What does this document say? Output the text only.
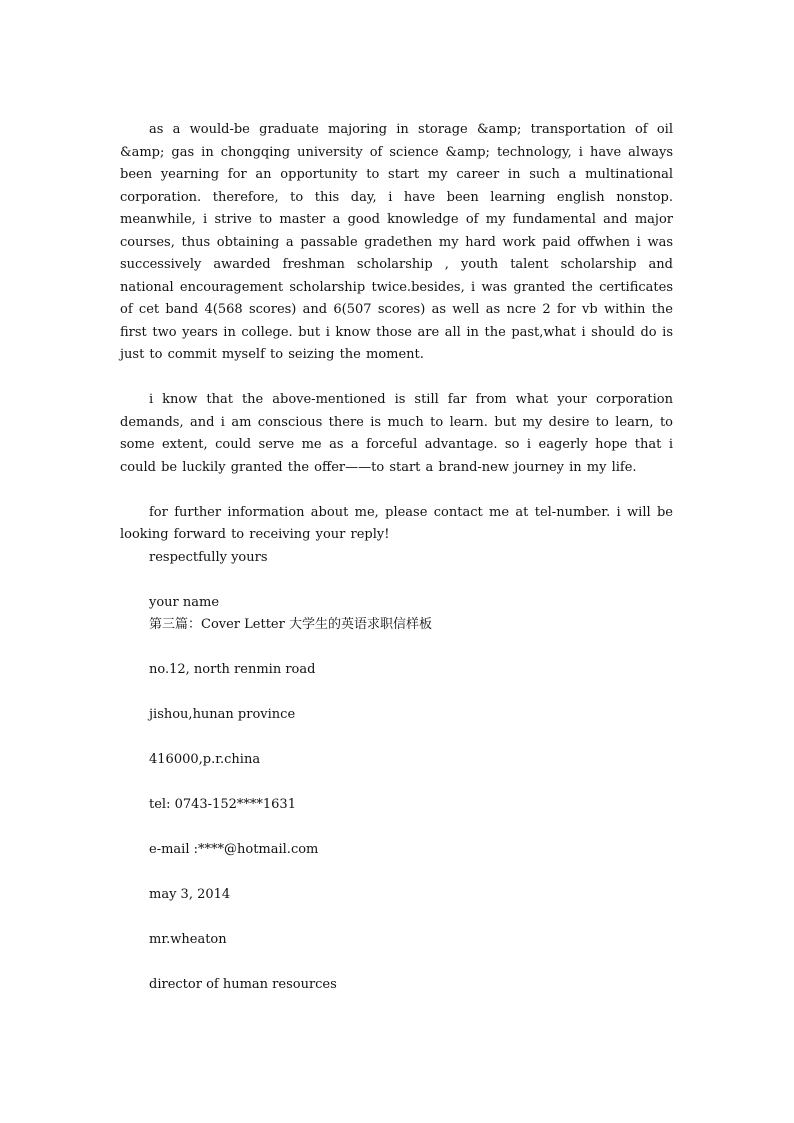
as a would-be graduate majoring in storage &amp; transportation of oil &amp; gas in chongqing university of science &amp; technology, i have always been yearning for an opportunity to start my career in such a multinational corporation. therefore, to this day, i have been learning english nonstop. meanwhile, i strive to master a good knowledge of my fundamental and major courses, thus obtaining a passable gradethen my hard work paid offwhen i was successively awarded freshman scholarship , youth talent scholarship and national encouragement scholarship twice.besides, i was granted the certificates of cet band 4(568 scores) and 6(507 scores) as well as ncre 2 for vb within the first two years in college. but i know those are all in the past,what i should do is just to commit myself to seizing the moment.

i know that the above-mentioned is still far from what your corporation demands, and i am conscious there is much to learn. but my desire to learn, to some extent, could serve me as a forceful advantage. so i eagerly hope that i could be luckily granted the offer——to start a brand-new journey in my life.

for further information about me, please contact me at tel-number. i will be looking forward to receiving your reply!

respectfully yours

your name

第三篇：Cover Letter 大学生的英语求职信样板

no.12, north renmin road

jishou,hunan province

416000,p.r.china

tel: 0743-152****1631

e-mail :****@hotmail.com

may 3, 2014

mr.wheaton

director of human resources
